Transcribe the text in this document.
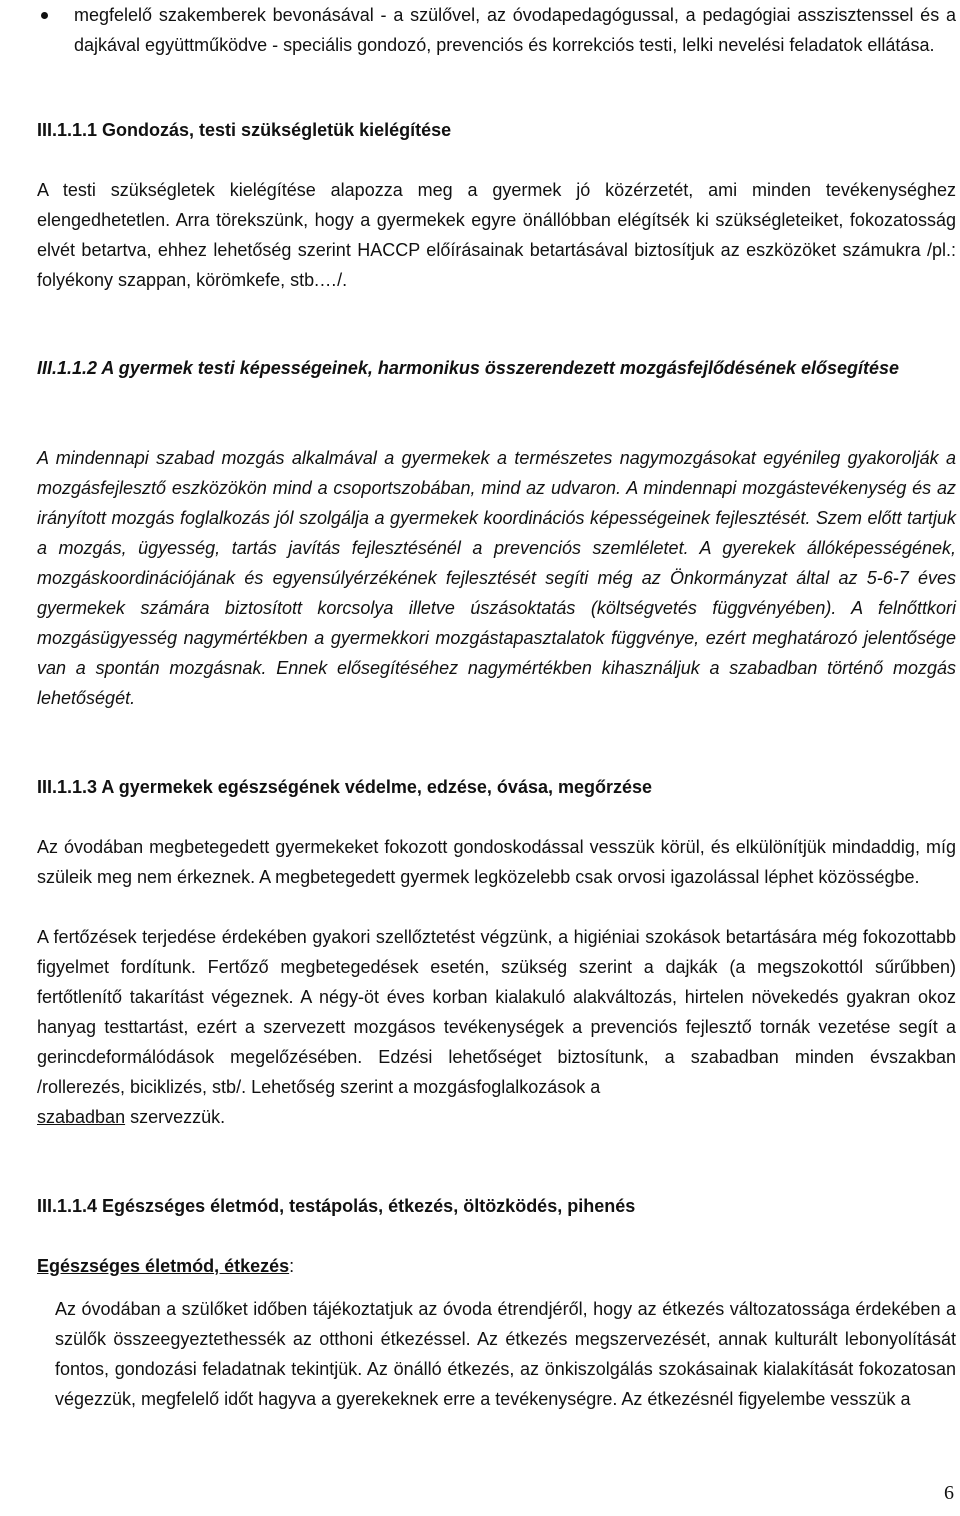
megfelelő szakemberek bevonásával - a szülővel, az óvodapedagógussal, a pedagógiai asszisztenssel és a dajkával együttműködve - speciális gondozó, prevenciós és korrekciós testi, lelki nevelési feladatok ellátása.

III.1.1.1 Gondozás, testi szükségletük kielégítése

A testi szükségletek kielégítése alapozza meg a gyermek jó közérzetét, ami minden tevékenységhez elengedhetetlen. Arra törekszünk, hogy a gyermekek egyre önállóbban elégítsék ki szükségleteiket, fokozatosság elvét betartva, ehhez lehetőség szerint HACCP előírásainak betartásával biztosítjuk az eszközöket számukra /pl.: folyékony szappan, körömkefe, stb.…/.

III.1.1.2 A gyermek testi képességeinek, harmonikus összerendezett mozgásfejlődésének elősegítése

A mindennapi szabad mozgás alkalmával a gyermekek a természetes nagymozgásokat egyénileg gyakorolják a mozgásfejlesztő eszközökön mind a csoportszobában, mind az udvaron. A mindennapi mozgástevékenység és az irányított mozgás foglalkozás jól szolgálja a gyermekek koordinációs képességeinek fejlesztését. Szem előtt tartjuk a mozgás, ügyesség, tartás javítás fejlesztésénél a prevenciós szemléletet. A gyerekek állóképességének, mozgáskoordinációjának és egyensúlyérzékének fejlesztését segíti még az Önkormányzat által az 5-6-7 éves gyermekek számára biztosított korcsolya illetve úszásoktatás (költségvetés függvényében). A felnőttkori mozgásügyesség nagymértékben a gyermekkori mozgástapasztalatok függvénye, ezért meghatározó jelentősége van a spontán mozgásnak. Ennek elősegítéséhez nagymértékben kihasználjuk a szabadban történő mozgás lehetőségét.

III.1.1.3 A gyermekek egészségének védelme, edzése, óvása, megőrzése

Az óvodában megbetegedett gyermekeket fokozott gondoskodással vesszük körül, és elkülönítjük mindaddig, míg szüleik meg nem érkeznek. A megbetegedett gyermek legközelebb csak orvosi igazolással léphet közösségbe.

A fertőzések terjedése érdekében gyakori szellőztetést végzünk, a higiéniai szokások betartására még fokozottabb figyelmet fordítunk. Fertőző megbetegedések esetén, szükség szerint a dajkák (a megszokottól sűrűbben) fertőtlenítő takarítást végeznek. A négy-öt éves korban kialakuló alakváltozás, hirtelen növekedés gyakran okoz hanyag testtartást, ezért a szervezett mozgásos tevékenységek a prevenciós fejlesztő tornák vezetése segít a gerincdeformálódások megelőzésében. Edzési lehetőséget biztosítunk, a szabadban minden évszakban /rollerezés, biciklizés, stb/. Lehetőség szerint a mozgásfoglalkozások a
szabadban szervezzük.

III.1.1.4 Egészséges életmód, testápolás, étkezés, öltözködés, pihenés

Egészséges életmód, étkezés:

Az óvodában a szülőket időben tájékoztatjuk az óvoda étrendjéről, hogy az étkezés változatossága érdekében a szülők összeegyeztethessék az otthoni étkezéssel. Az étkezés megszervezését, annak kulturált lebonyolítását fontos, gondozási feladatnak tekintjük. Az önálló étkezés, az önkiszolgálás szokásainak kialakítását fokozatosan végezzük, megfelelő időt hagyva a gyerekeknek erre a tevékenységre. Az étkezésnél figyelembe vesszük a

6
